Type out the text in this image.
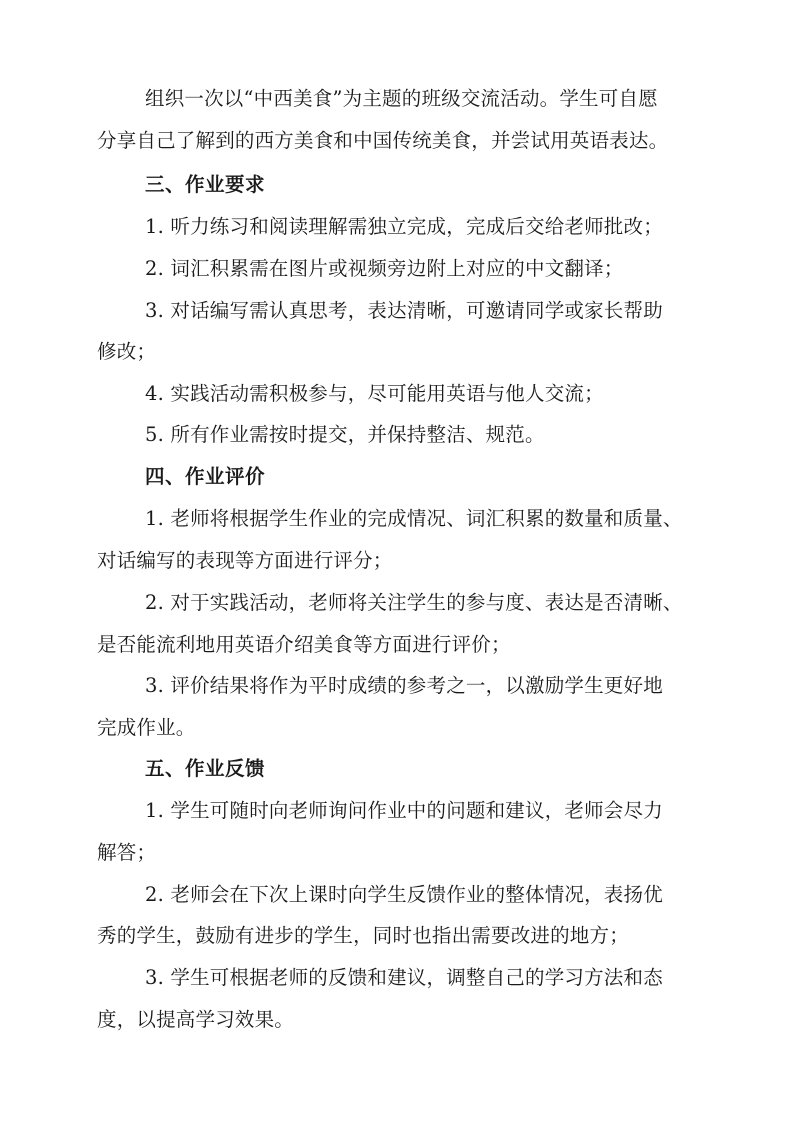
组织一次以“中西美食”为主题的班级交流活动。学生可自愿
分享自己了解到的西方美食和中国传统美食，并尝试用英语表达。
三、作业要求
1. 听力练习和阅读理解需独立完成，完成后交给老师批改；
2. 词汇积累需在图片或视频旁边附上对应的中文翻译；
3. 对话编写需认真思考，表达清晰，可邀请同学或家长帮助
修改；
4. 实践活动需积极参与，尽可能用英语与他人交流；
5. 所有作业需按时提交，并保持整洁、规范。
四、作业评价
1. 老师将根据学生作业的完成情况、词汇积累的数量和质量、
对话编写的表现等方面进行评分；
2. 对于实践活动，老师将关注学生的参与度、表达是否清晰、
是否能流利地用英语介绍美食等方面进行评价；
3. 评价结果将作为平时成绩的参考之一，以激励学生更好地
完成作业。
五、作业反馈
1. 学生可随时向老师询问作业中的问题和建议，老师会尽力
解答；
2. 老师会在下次上课时向学生反馈作业的整体情况，表扬优
秀的学生，鼓励有进步的学生，同时也指出需要改进的地方；
3. 学生可根据老师的反馈和建议，调整自己的学习方法和态
度，以提高学习效果。
